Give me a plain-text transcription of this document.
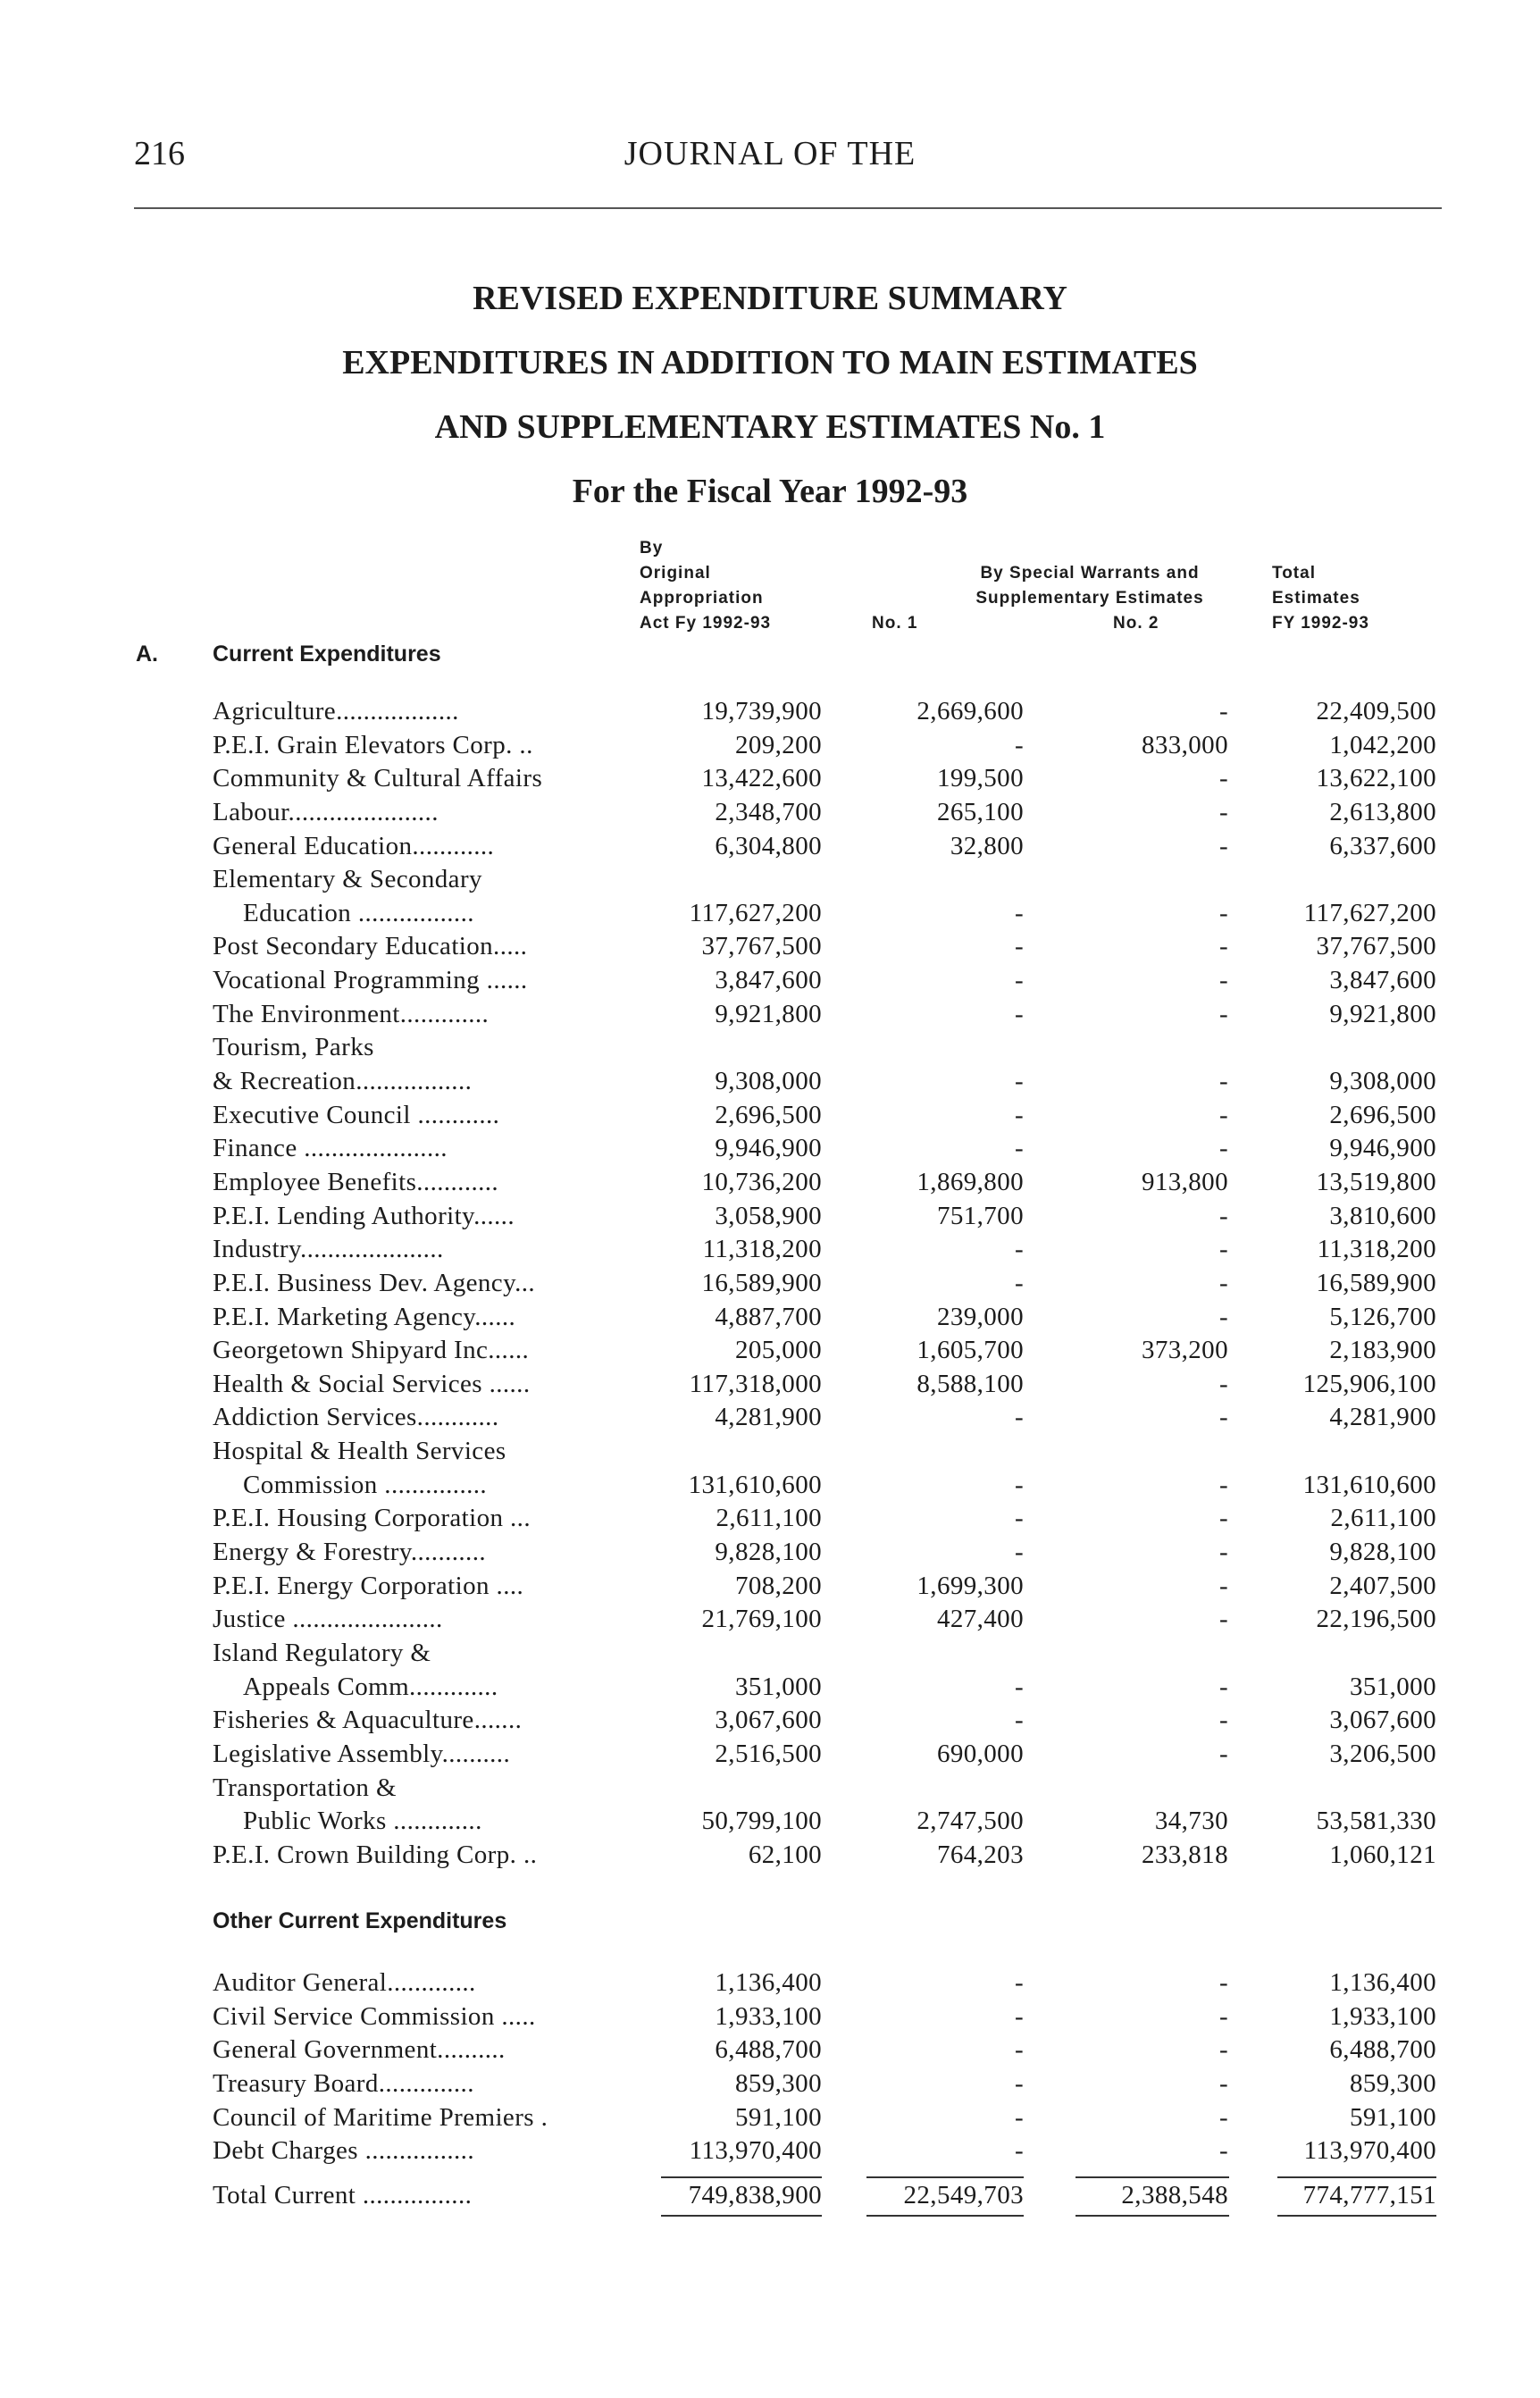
216	JOURNAL OF THE
REVISED EXPENDITURE SUMMARY
EXPENDITURES IN ADDITION TO MAIN ESTIMATES
AND SUPPLEMENTARY ESTIMATES No. 1
For the Fiscal Year 1992-93
By
Original
Appropriation
Act Fy 1992-93
By Special Warrants and
Supplementary Estimates
No. 1	No. 2
Total
Estimates
FY 1992-93
A. Current Expenditures
Agriculture..................	19,739,900	2,669,600	-	22,409,500
P.E.I. Grain Elevators Corp. ..	209,200	-	833,000	1,042,200
Community & Cultural Affairs	13,422,600	199,500	-	13,622,100
Labour......................	2,348,700	265,100	-	2,613,800
General Education............	6,304,800	32,800	-	6,337,600
Elementary & Secondary
Education .................	117,627,200	-	-	117,627,200
Post Secondary Education.....	37,767,500	-	-	37,767,500
Vocational Programming ......	3,847,600	-	-	3,847,600
The Environment.............	9,921,800	-	-	9,921,800
Tourism, Parks
& Recreation.................	9,308,000	-	-	9,308,000
Executive Council ............	2,696,500	-	-	2,696,500
Finance .....................	9,946,900	-	-	9,946,900
Employee Benefits............	10,736,200	1,869,800	913,800	13,519,800
P.E.I. Lending Authority......	3,058,900	751,700	-	3,810,600
Industry.....................	11,318,200	-	-	11,318,200
P.E.I. Business Dev. Agency...	16,589,900	-	-	16,589,900
P.E.I. Marketing Agency......	4,887,700	239,000	-	5,126,700
Georgetown Shipyard Inc......	205,000	1,605,700	373,200	2,183,900
Health & Social Services ......	117,318,000	8,588,100	-	125,906,100
Addiction Services............	4,281,900	-	-	4,281,900
Hospital & Health Services
Commission ...............	131,610,600	-	-	131,610,600
P.E.I. Housing Corporation ...	2,611,100	-	-	2,611,100
Energy & Forestry...........	9,828,100	-	-	9,828,100
P.E.I. Energy Corporation ....	708,200	1,699,300	-	2,407,500
Justice ......................	21,769,100	427,400	-	22,196,500
Island Regulatory &
Appeals Comm.............	351,000	-	-	351,000
Fisheries & Aquaculture.......	3,067,600	-	-	3,067,600
Legislative Assembly..........	2,516,500	690,000	-	3,206,500
Transportation &
Public Works .............	50,799,100	2,747,500	34,730	53,581,330
P.E.I. Crown Building Corp. ..	62,100	764,203	233,818	1,060,121
Other Current Expenditures
Auditor General.............	1,136,400	-	-	1,136,400
Civil Service Commission .....	1,933,100	-	-	1,933,100
General Government..........	6,488,700	-	-	6,488,700
Treasury Board..............	859,300	-	-	859,300
Council of Maritime Premiers .	591,100	-	-	591,100
Debt Charges ................	113,970,400	-	-	113,970,400
Total Current ................	749,838,900	22,549,703	2,388,548	774,777,151
